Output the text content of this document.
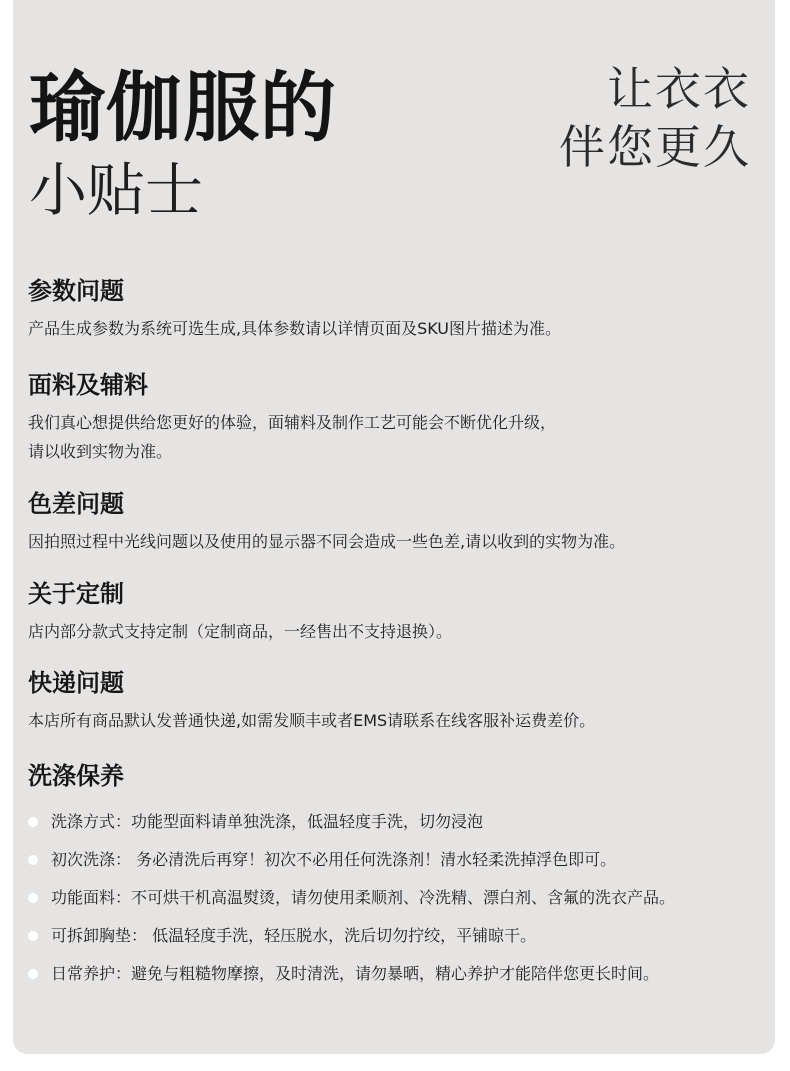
瑜伽服的
小贴士
让衣衣
伴您更久
参数问题

产品生成参数为系统可选生成,具体参数请以详情页面及SKU图片描述为准。

面料及辅料

我们真心想提供给您更好的体验，面辅料及制作工艺可能会不断优化升级，
请以收到实物为准。

色差问题

因拍照过程中光线问题以及使用的显示器不同会造成一些色差,请以收到的实物为准。

关于定制

店内部分款式支持定制（定制商品，一经售出不支持退换）。

快递问题

本店所有商品默认发普通快递,如需发顺丰或者EMS请联系在线客服补运费差价。

洗涤保养
洗涤方式：功能型面料请单独洗涤，低温轻度手洗，切勿浸泡
初次洗涤： 务必清洗后再穿！初次不必用任何洗涤剂！清水轻柔洗掉浮色即可。
功能面料：不可烘干机高温熨烫，请勿使用柔顺剂、冷洗精、漂白剂、含氟的洗衣产品。
可拆卸胸垫： 低温轻度手洗，轻压脱水，洗后切勿拧绞，平铺晾干。
日常养护：避免与粗糙物摩擦，及时清洗，请勿暴晒，精心养护才能陪伴您更长时间。
